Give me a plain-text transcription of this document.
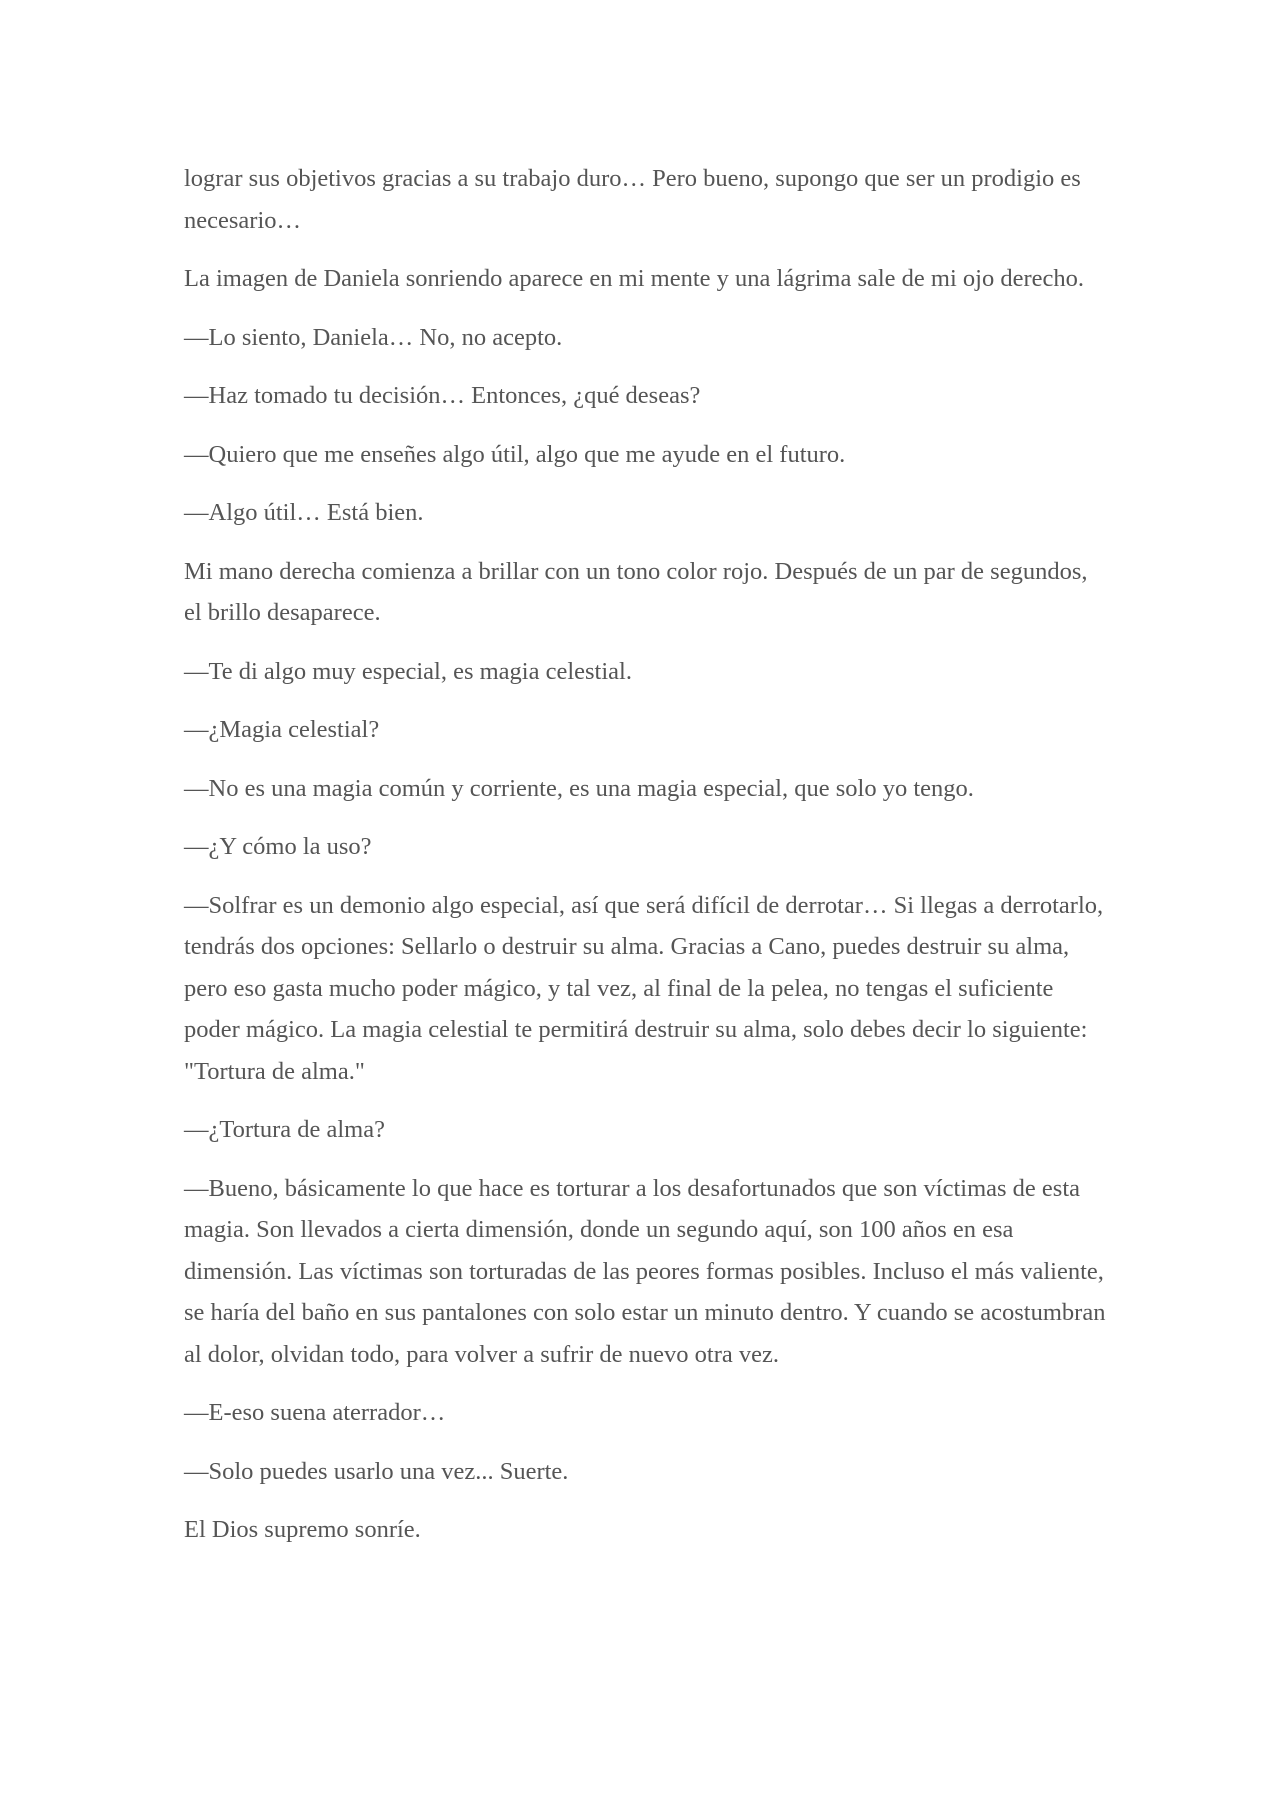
lograr sus objetivos gracias a su trabajo duro… Pero bueno, supongo que ser un prodigio es necesario…

La imagen de Daniela sonriendo aparece en mi mente y una lágrima sale de mi ojo derecho.

—Lo siento, Daniela… No, no acepto.

—Haz tomado tu decisión… Entonces, ¿qué deseas?

—Quiero que me enseñes algo útil, algo que me ayude en el futuro.

—Algo útil… Está bien.

Mi mano derecha comienza a brillar con un tono color rojo. Después de un par de segundos, el brillo desaparece.

—Te di algo muy especial, es magia celestial.

—¿Magia celestial?

—No es una magia común y corriente, es una magia especial, que solo yo tengo.

—¿Y cómo la uso?

—Solfrar es un demonio algo especial, así que será difícil de derrotar… Si llegas a derrotarlo, tendrás dos opciones: Sellarlo o destruir su alma. Gracias a Cano, puedes destruir su alma, pero eso gasta mucho poder mágico, y tal vez, al final de la pelea, no tengas el suficiente poder mágico. La magia celestial te permitirá destruir su alma, solo debes decir lo siguiente: "Tortura de alma."

—¿Tortura de alma?

—Bueno, básicamente lo que hace es torturar a los desafortunados que son víctimas de esta magia. Son llevados a cierta dimensión, donde un segundo aquí, son 100 años en esa dimensión. Las víctimas son torturadas de las peores formas posibles. Incluso el más valiente, se haría del baño en sus pantalones con solo estar un minuto dentro. Y cuando se acostumbran al dolor, olvidan todo, para volver a sufrir de nuevo otra vez.

—E-eso suena aterrador…

—Solo puedes usarlo una vez... Suerte.

El Dios supremo sonríe.
